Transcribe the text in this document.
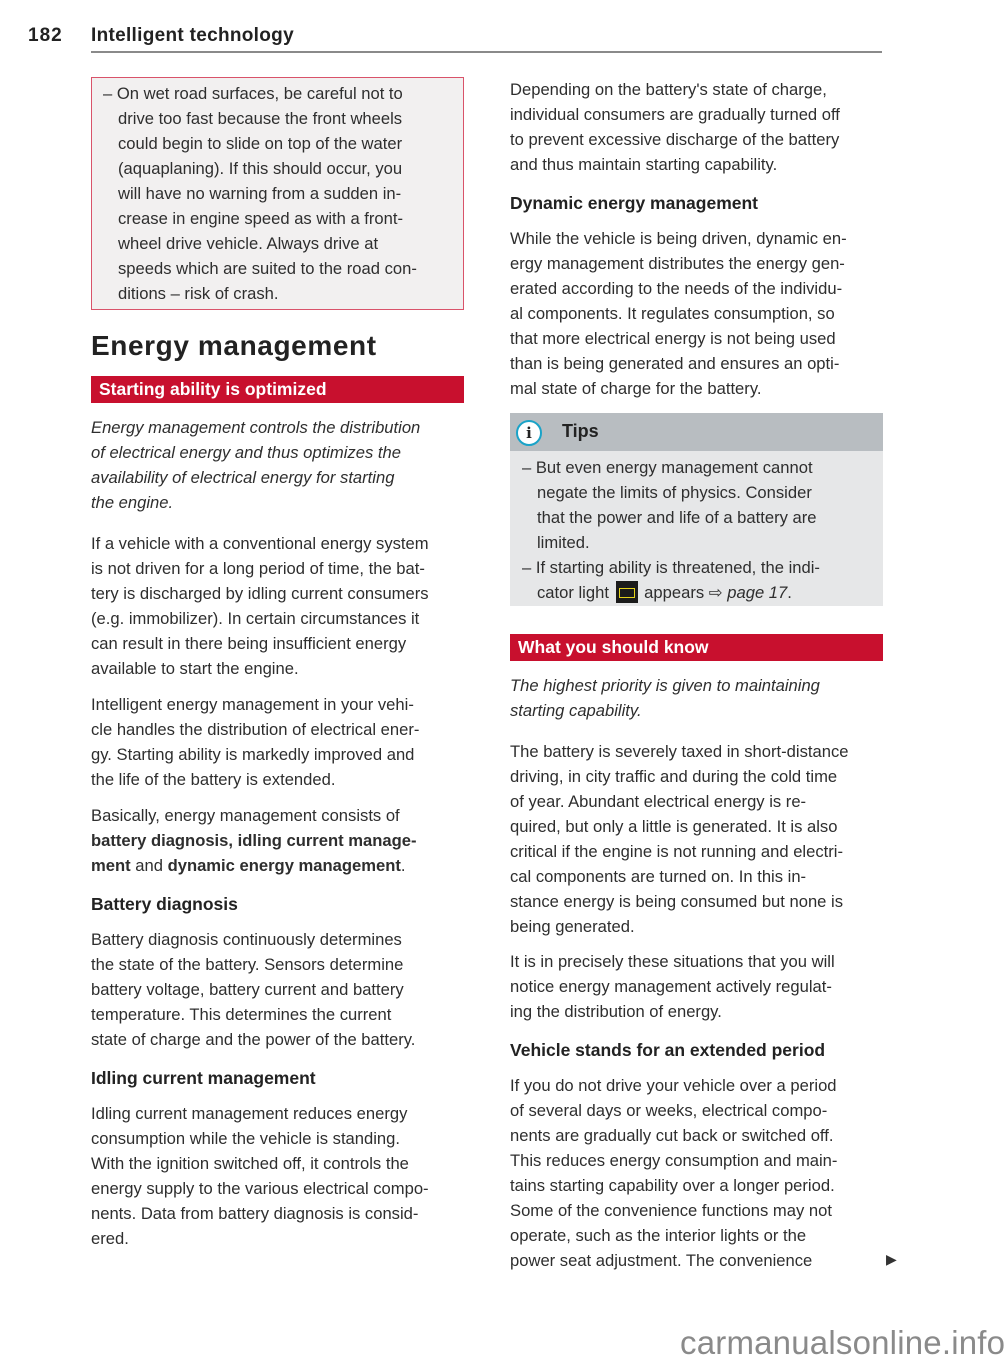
182 Intelligent technology
– On wet road surfaces, be careful not to
drive too fast because the front wheels
could begin to slide on top of the water
(aquaplaning). If this should occur, you
will have no warning from a sudden in-
crease in engine speed as with a front-
wheel drive vehicle. Always drive at
speeds which are suited to the road con-
ditions – risk of crash.
Energy management
Starting ability is optimized
Energy management controls the distribution
of electrical energy and thus optimizes the
availability of electrical energy for starting
the engine.
If a vehicle with a conventional energy system
is not driven for a long period of time, the bat-
tery is discharged by idling current consumers
(e.g. immobilizer). In certain circumstances it
can result in there being insufficient energy
available to start the engine.
Intelligent energy management in your vehi-
cle handles the distribution of electrical ener-
gy. Starting ability is markedly improved and
the life of the battery is extended.
Basically, energy management consists of
battery diagnosis, idling current manage-
ment and dynamic energy management.
Battery diagnosis
Battery diagnosis continuously determines
the state of the battery. Sensors determine
battery voltage, battery current and battery
temperature. This determines the current
state of charge and the power of the battery.
Idling current management
Idling current management reduces energy
consumption while the vehicle is standing.
With the ignition switched off, it controls the
energy supply to the various electrical compo-
nents. Data from battery diagnosis is consid-
ered.
Depending on the battery's state of charge,
individual consumers are gradually turned off
to prevent excessive discharge of the battery
and thus maintain starting capability.
Dynamic energy management
While the vehicle is being driven, dynamic en-
ergy management distributes the energy gen-
erated according to the needs of the individu-
al components. It regulates consumption, so
that more electrical energy is not being used
than is being generated and ensures an opti-
mal state of charge for the battery.
i	Tips
– But even energy management cannot
negate the limits of physics. Consider
that the power and life of a battery are
limited.
– If starting ability is threatened, the indi-
cator light  appears ⇨ page 17.
What you should know
The highest priority is given to maintaining
starting capability.
The battery is severely taxed in short-distance
driving, in city traffic and during the cold time
of year. Abundant electrical energy is re-
quired, but only a little is generated. It is also
critical if the engine is not running and electri-
cal components are turned on. In this in-
stance energy is being consumed but none is
being generated.
It is in precisely these situations that you will
notice energy management actively regulat-
ing the distribution of energy.
Vehicle stands for an extended period
If you do not drive your vehicle over a period
of several days or weeks, electrical compo-
nents are gradually cut back or switched off.
This reduces energy consumption and main-
tains starting capability over a longer period.
Some of the convenience functions may not
operate, such as the interior lights or the
power seat adjustment. The convenience	▶
carmanualsonline.info
